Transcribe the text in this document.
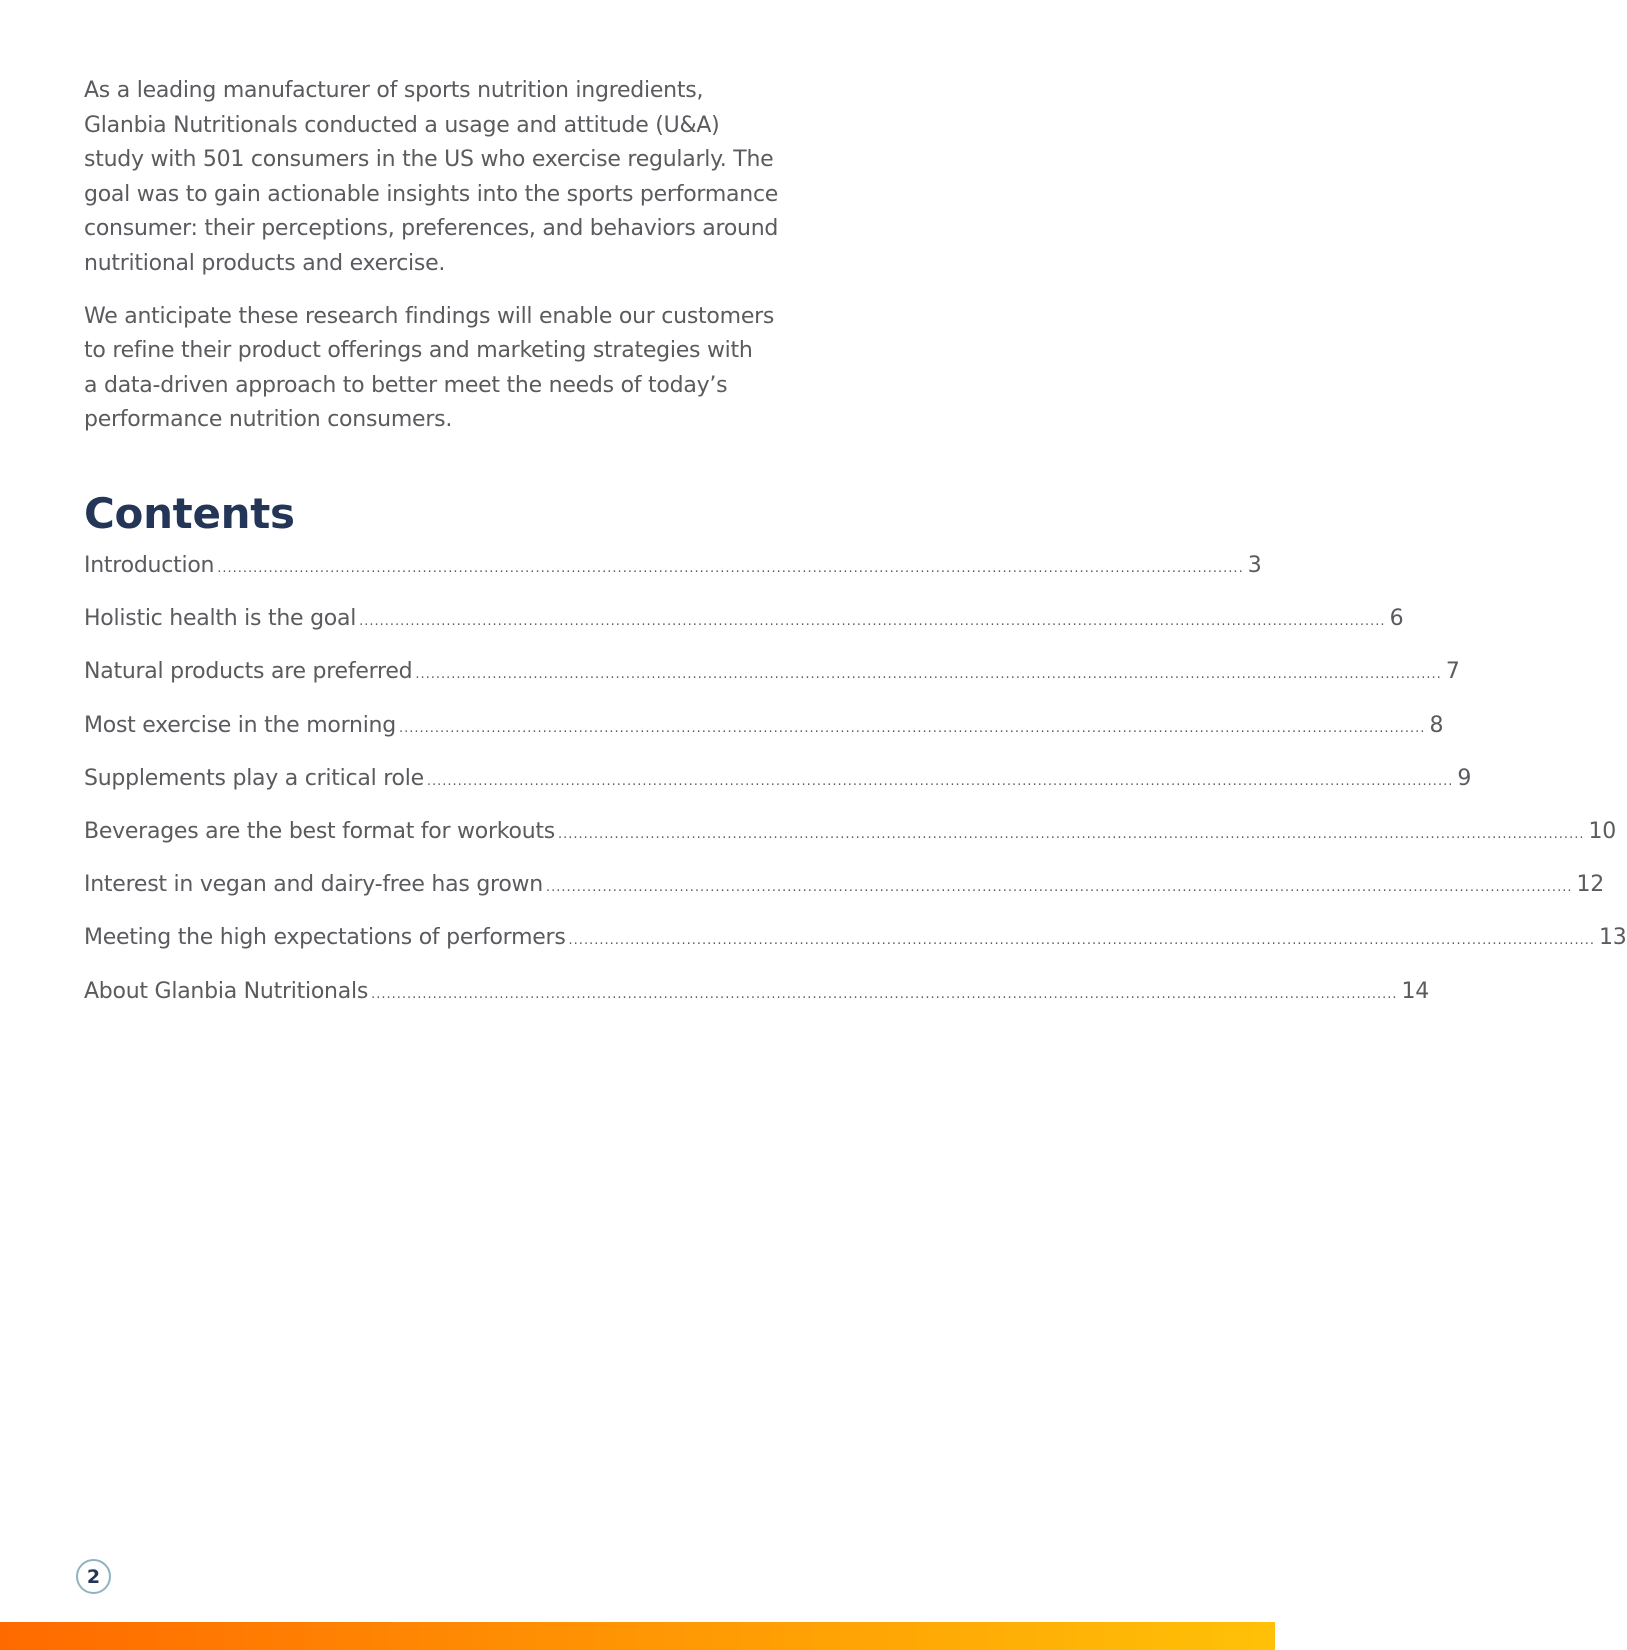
As a leading manufacturer of sports nutrition ingredients,
Glanbia Nutritionals conducted a usage and attitude (U&A)
study with 501 consumers in the US who exercise regularly. The
goal was to gain actionable insights into the sports performance
consumer: their perceptions, preferences, and behaviors around
nutritional products and exercise.

We anticipate these research findings will enable our customers
to refine their product offerings and marketing strategies with
a data-driven approach to better meet the needs of today’s
performance nutrition consumers.

Contents
Introduction ........................................................................................................................................................................................................ 3
Holistic health is the goal ........................................................................................................................................................................................................ 6
Natural products are preferred ........................................................................................................................................................................................................ 7
Most exercise in the morning ........................................................................................................................................................................................................ 8
Supplements play a critical role ........................................................................................................................................................................................................ 9
Beverages are the best format for workouts ........................................................................................................................................................................................................ 10
Interest in vegan and dairy-free has grown ........................................................................................................................................................................................................ 12
Meeting the high expectations of performers ........................................................................................................................................................................................................ 13
About Glanbia Nutritionals ........................................................................................................................................................................................................ 14
2
